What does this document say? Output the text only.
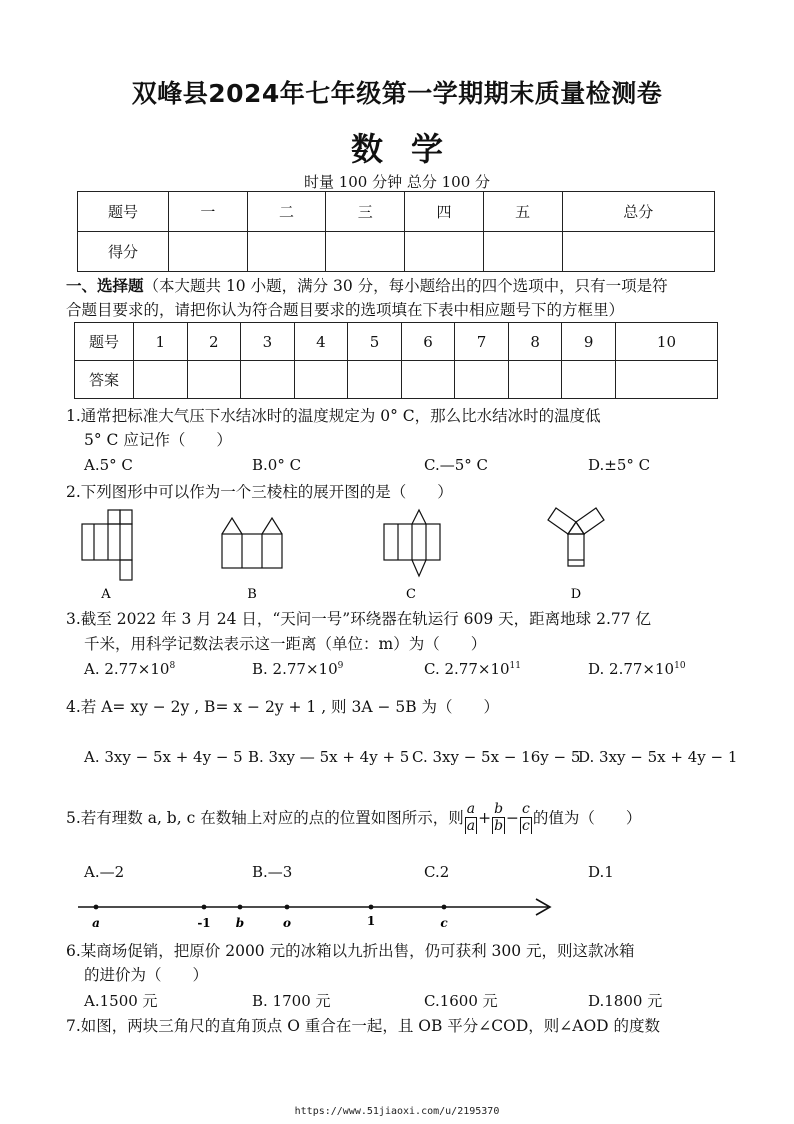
双峰县2024年七年级第一学期期末质量检测卷
数学
时量 100 分钟 总分 100 分
题号	一	二	三	四	五	总分
得分						
一、选择题（本大题共 10 小题，满分 30 分，每小题给出的四个选项中，只有一项是符
合题目要求的，请把你认为符合题目要求的选项填在下表中相应题号下的方框里）
题号	1	2	3	4	5	6	7	8	9	10
答案										
1.通常把标准大气压下水结冰时的温度规定为 0° C，那么比水结冰时的温度低
5° C 应记作（　　）
A.5° C	B.0° C	C.—5° C	D.±5° C
2.下列图形中可以作为一个三棱柱的展开图的是（　　）
A	B	C	D
3.截至 2022 年 3 月 24 日，“天问一号”环绕器在轨运行 609 天，距离地球 2.77 亿
千米，用科学记数法表示这一距离（单位：m）为（　　）
A. $2.77\times 10^8$	B. $2.77\times 10^9$	C. $2.77\times 10^{11}$	D. $2.77\times 10^{10}$
4.若 A= xy − 2y , B= x − 2y + 1 , 则 3A − 5B 为（　　）
A. 3xy − 5x + 4y − 5 B. 3xy — 5x + 4y + 5 C. 3xy − 5x − 16y − 5
D. 3xy − 5x + 4y − 1
5.若有理数 a, b, c 在数轴上对应的点的位置如图所示，则 $\frac{a}{a} + \frac{b}{b} - \frac{c}{c}$ 的值为（　　）
A.—2	B.—3	C.2	D.1
a	-1 b	o	1	c
6.某商场促销，把原价 2000 元的冰箱以九折出售，仍可获利 300 元，则这款冰箱
的进价为（　　）
A.1500 元	B. 1700 元	C.1600 元	D.1800 元
7.如图，两块三角尺的直角顶点 O 重合在一起，且 OB 平分∠COD，则∠AOD 的度数
https://www.51jiaoxi.com/u/2195370
